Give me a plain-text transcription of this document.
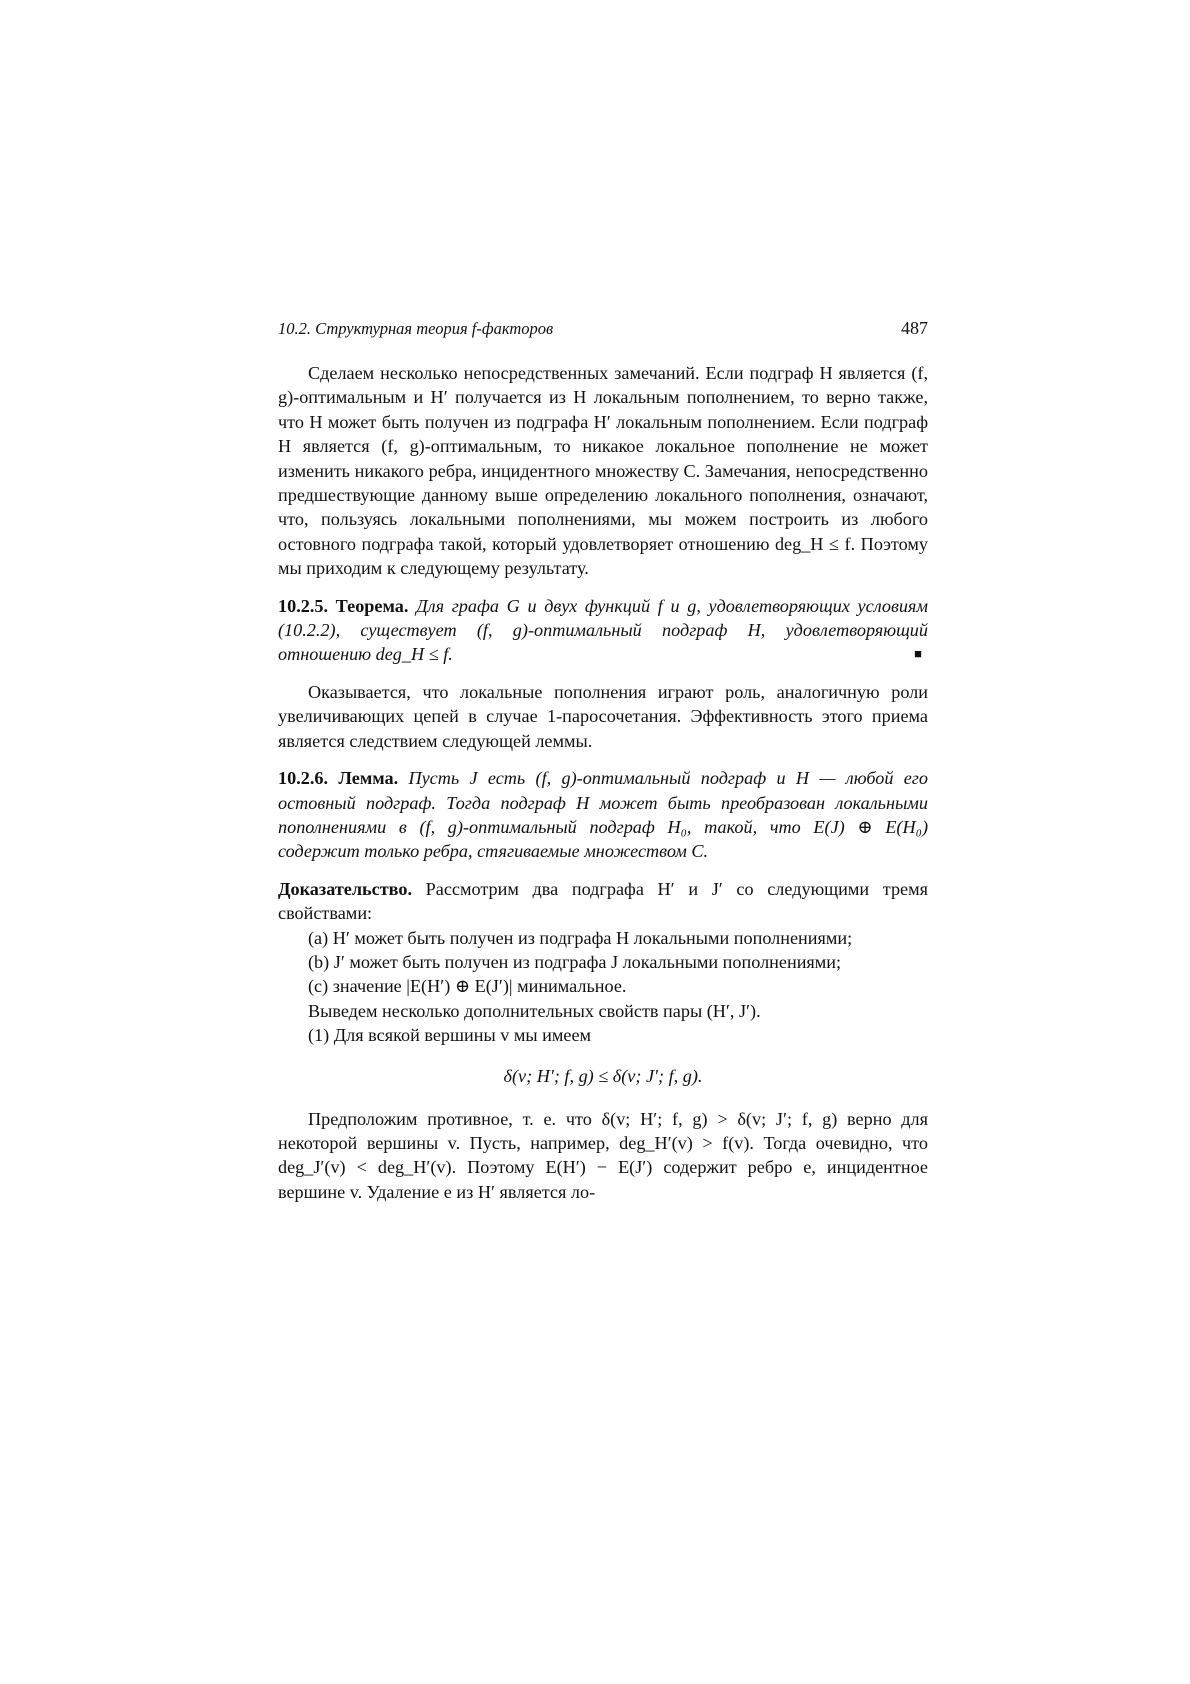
10.2. Структурная теория f-факторов	487

Сделаем несколько непосредственных замечаний. Если подграф H является (f, g)-оптимальным и H′ получается из H локальным пополнением, то верно также, что H может быть получен из подграфа H′ локальным пополнением. Если подграф H является (f, g)-оптимальным, то никакое локальное пополнение не может изменить никакого ребра, инцидентного множеству C. Замечания, непосредственно предшествующие данному выше определению локального пополнения, означают, что, пользуясь локальными пополнениями, мы можем построить из любого остовного подграфа такой, который удовлетворяет отношению deg_H ≤ f. Поэтому мы приходим к следующему результату.

10.2.5. Теорема. Для графа G и двух функций f и g, удовлетворяющих условиям (10.2.2), существует (f, g)-оптимальный подграф H, удовлетворяющий отношению deg_H ≤ f.	■

Оказывается, что локальные пополнения играют роль, аналогичную роли увеличивающих цепей в случае 1-паросочетания. Эффективность этого приема является следствием следующей леммы.

10.2.6. Лемма. Пусть J есть (f, g)-оптимальный подграф и H — любой его остовный подграф. Тогда подграф H может быть преобразован локальными пополнениями в (f, g)-оптимальный подграф H₀, такой, что E(J) ⊕ E(H₀) содержит только ребра, стягиваемые множеством C.

Доказательство. Рассмотрим два подграфа H′ и J′ со следующими тремя свойствами:

(a) H′ может быть получен из подграфа H локальными пополнениями;

(b) J′ может быть получен из подграфа J локальными пополнениями;

(c) значение |E(H′) ⊕ E(J′)| минимальное.

Выведем несколько дополнительных свойств пары (H′, J′).

(1) Для всякой вершины v мы имеем

δ(v; H′; f, g) ≤ δ(v; J′; f, g).

Предположим противное, т. е. что δ(v; H′; f, g) > δ(v; J′; f, g) верно для некоторой вершины v. Пусть, например, deg_H′(v) > f(v). Тогда очевидно, что deg_J′(v) < deg_H′(v). Поэтому E(H′) − E(J′) содержит ребро e, инцидентное вершине v. Удаление e из H′ является ло-
